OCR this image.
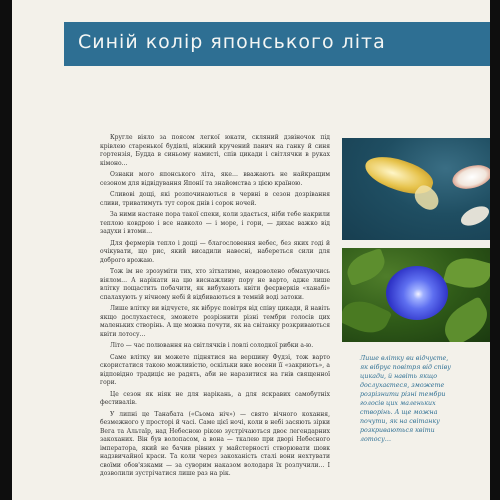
Синій колір японського літа

Кругле віяло за поясом легкої юкати, скляний дзвіночок під крівлею старенької будівлі, ніжний кручений панич на ганку й синя гортензія, Будда в синьому намисті, спів цикади і світлячки в руках кімоно…

Ознаки мого японського літа, яке… вважають не найкращим сезоном для відвідування Японії та знайомства з цією країною.

Сливові дощі, які розпочинаються в червні в сезон дозрівання сливи, триватимуть тут сорок днів і сорок ночей.

За ними настане пора такої спеки, коли здається, ніби тебе накрили теплою ковдрою і все навколо — і море, і гори, — дихає важко від задухи і втоми…

Для фермерів тепло і дощі — благословення небес, без яких годі й очікувати, що рис, який висадили навесні, набереться сили для доброго врожаю.

Тож ім не зрозуміти тих, хто зітхатиме, невдоволено обмахуючись віялом… А нарікати на цю виснажливу пору не варто, адже лише влітку пощастить побачити, як вибухають квіти феєрверків «ханабі» спалахують у нічному небі й відбиваються в темній воді затоки.

Лише влітку ви відчуєте, як вібрує повітря від співу цикади, й навіть якщо дослухаєтеся, зможете розрізнити різні тембри голосів цих маленьких створінь. А ще можна почути, як на світанку розкриваються квіти лотосу…

Літо — час полювання на світлячків і ловлі солодкої рибки а-ю.

Саме влітку ви можете піднятися на вершину Фудзі, тож варто скористатися такою можливістю, оскільки вже восени її «закриють», а відповідно традиціє не радять, аби не наразитися на гнів священної гори.

Це сезон як ніяк не для нарікань, а для яскравих самобутніх фестивалів.

У липні це Танабата («Сьома ніч») — свято вічного кохання, безмежного у просторі й часі. Саме цієї ночі, коли в небі засяють зірки Вега та Альтаїр, над Небесною рікою зустрічаються двоє легендарних закоханих. Він був волопасом, а вона — ткалею при дворі Небесного імператора, який не бачив рівних у майстерності створювати шовк надзвичайної краси. Та коли через закоханість сталі вони нехтувати своїми обов'язками — за суворим наказом володаря їх розлучили… І дозволили зустрічатися лише раз на рік.

Лише влітку ви відчуєте, як вібрує повітря від співу цикади, й навіть якщо дослухаєтеся, зможете розрізнити різні тембри голосів цих маленьких створінь. А ще можна почути, як на світанку розкриваються квіти лотосу…
